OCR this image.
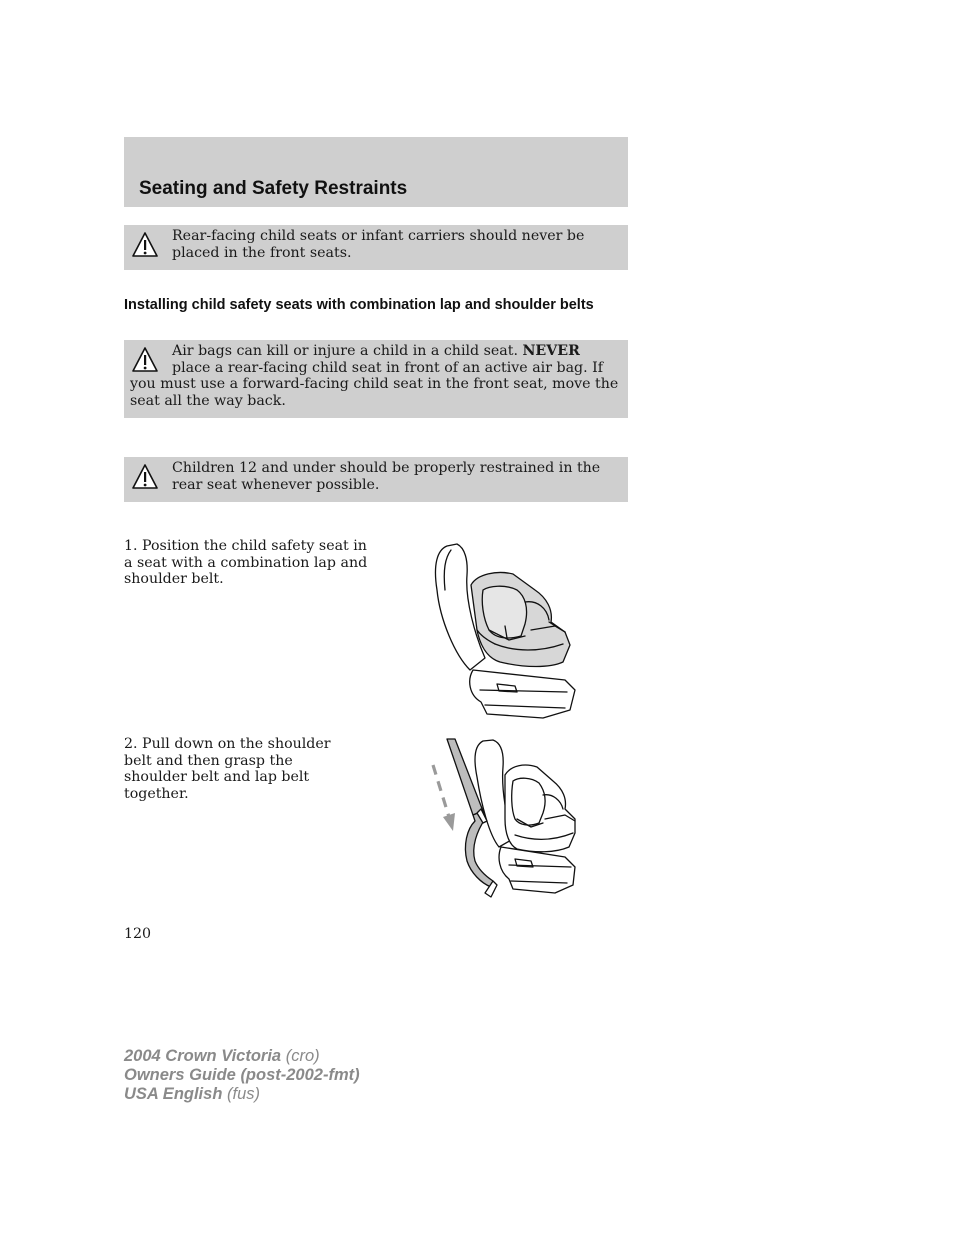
Seating and Safety Restraints
Rear-facing child seats or infant carriers should never be placed in the front seats.
Installing child safety seats with combination lap and shoulder belts
Air bags can kill or injure a child in a child seat. NEVER place a rear-facing child seat in front of an active air bag. If you must use a forward-facing child seat in the front seat, move the seat all the way back.
Children 12 and under should be properly restrained in the rear seat whenever possible.

1. Position the child safety seat in a seat with a combination lap and shoulder belt.

2. Pull down on the shoulder belt and then grasp the shoulder belt and lap belt together.

120
2004 Crown Victoria (cro)
Owners Guide (post-2002-fmt)
USA English (fus)
